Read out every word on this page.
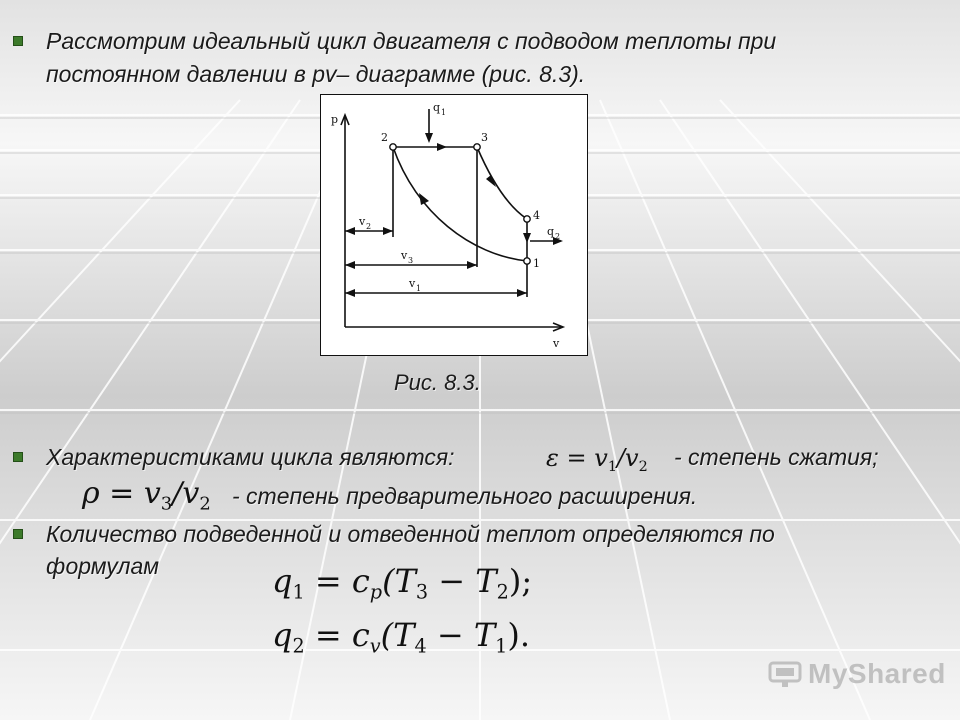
Рассмотрим идеальный цикл двигателя с подводом теплоты при
постоянном давлении в pv– диаграмме (рис. 8.3).
p
v
2	3
4
1
q 1
q 2
v 2
v 3
v 1
Рис. 8.3.
Характеристиками цикла являются:	$\varepsilon = v_1/v_2$ - степень сжатия;
$\rho = v_3/v_2$ - степень предварительного расширения.
Количество подведенной и отведенной теплот определяются по
формулам	$q_1 = c_p(T_3 - T_2)$;
$q_2 = c_v(T_4 - T_1)$.
MyShared
